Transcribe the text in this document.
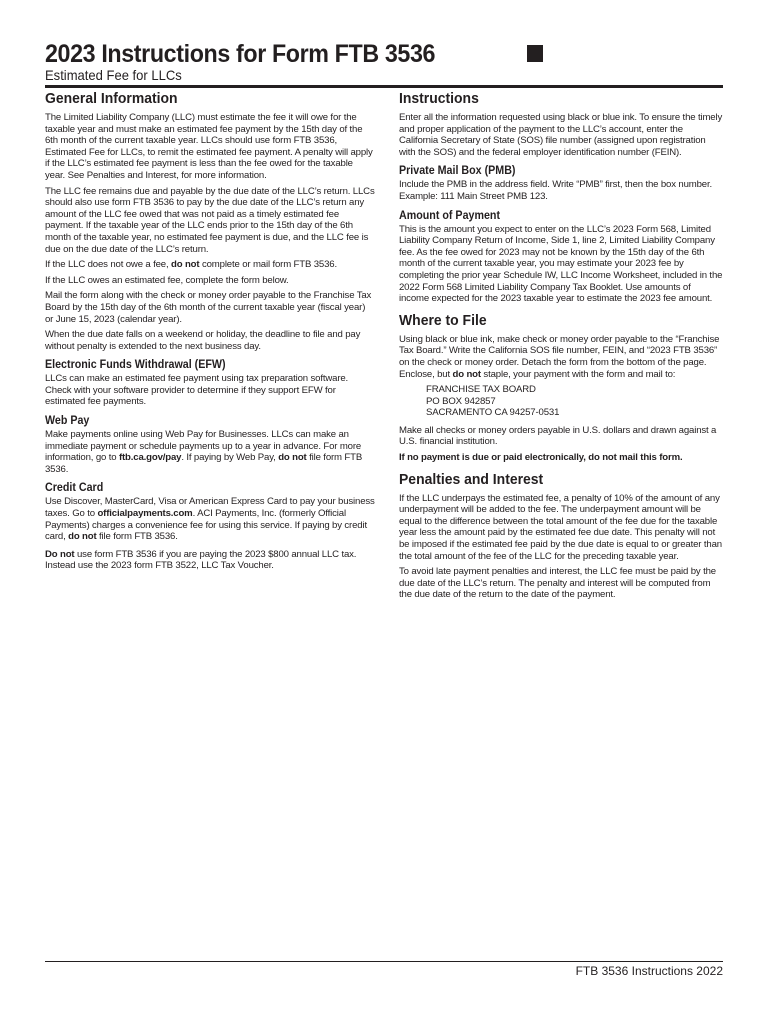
2023 Instructions for Form FTB 3536
Estimated Fee for LLCs
General Information

The Limited Liability Company (LLC) must estimate the fee it will owe for the taxable year and must make an estimated fee payment by the 15th day of the 6th month of the current taxable year. LLCs should use form FTB 3536, Estimated Fee for LLCs, to remit the estimated fee payment. A penalty will apply if the LLC’s estimated fee payment is less than the fee owed for the taxable year. See Penalties and Interest, for more information.

The LLC fee remains due and payable by the due date of the LLC’s return. LLCs should also use form FTB 3536 to pay by the due date of the LLC’s return any amount of the LLC fee owed that was not paid as a timely estimated fee payment. If the taxable year of the LLC ends prior to the 15th day of the 6th month of the taxable year, no estimated fee payment is due, and the LLC fee is due on the due date of the LLC’s return.

If the LLC does not owe a fee, do not complete or mail form FTB 3536.

If the LLC owes an estimated fee, complete the form below.

Mail the form along with the check or money order payable to the Franchise Tax Board by the 15th day of the 6th month of the current taxable year (fiscal year) or June 15, 2023 (calendar year).

When the due date falls on a weekend or holiday, the deadline to file and pay without penalty is extended to the next business day.

Electronic Funds Withdrawal (EFW)

LLCs can make an estimated fee payment using tax preparation software. Check with your software provider to determine if they support EFW for estimated fee payments.

Web Pay

Make payments online using Web Pay for Businesses. LLCs can make an immediate payment or schedule payments up to a year in advance. For more information, go to ftb.ca.gov/pay. If paying by Web Pay, do not file form FTB 3536.

Credit Card

Use Discover, MasterCard, Visa or American Express Card to pay your business taxes. Go to officialpayments.com. ACI Payments, Inc. (formerly Official Payments) charges a convenience fee for using this service. If paying by credit card, do not file form FTB 3536.

Do not use form FTB 3536 if you are paying the 2023 $800 annual LLC tax. Instead use the 2023 form FTB 3522, LLC Tax Voucher.

Instructions

Enter all the information requested using black or blue ink. To ensure the timely and proper application of the payment to the LLC’s account, enter the California Secretary of State (SOS) file number (assigned upon registration with the SOS) and the federal employer identification number (FEIN).

Private Mail Box (PMB)

Include the PMB in the address field. Write “PMB” first, then the box number. Example: 111 Main Street PMB 123.

Amount of Payment

This is the amount you expect to enter on the LLC’s 2023 Form 568, Limited Liability Company Return of Income, Side 1, line 2, Limited Liability Company fee. As the fee owed for 2023 may not be known by the 15th day of the 6th month of the current taxable year, you may estimate your 2023 fee by completing the prior year Schedule IW, LLC Income Worksheet, included in the 2022 Form 568 Limited Liability Company Tax Booklet. Use amounts of income expected for the 2023 taxable year to estimate the 2023 fee amount.

Where to File

Using black or blue ink, make check or money order payable to the “Franchise Tax Board.” Write the California SOS file number, FEIN, and “2023 FTB 3536” on the check or money order. Detach the form from the bottom of the page. Enclose, but do not staple, your payment with the form and mail to:

FRANCHISE TAX BOARD
PO BOX 942857
SACRAMENTO CA 94257-0531

Make all checks or money orders payable in U.S. dollars and drawn against a U.S. financial institution.

If no payment is due or paid electronically, do not mail this form.

Penalties and Interest

If the LLC underpays the estimated fee, a penalty of 10% of the amount of any underpayment will be added to the fee. The underpayment amount will be equal to the difference between the total amount of the fee due for the taxable year less the amount paid by the estimated fee due date. This penalty will not be imposed if the estimated fee paid by the due date is equal to or greater than the total amount of the fee of the LLC for the preceding taxable year.

To avoid late payment penalties and interest, the LLC fee must be paid by the due date of the LLC’s return. The penalty and interest will be computed from the due date of the return to the date of the payment.

FTB 3536 Instructions 2022
